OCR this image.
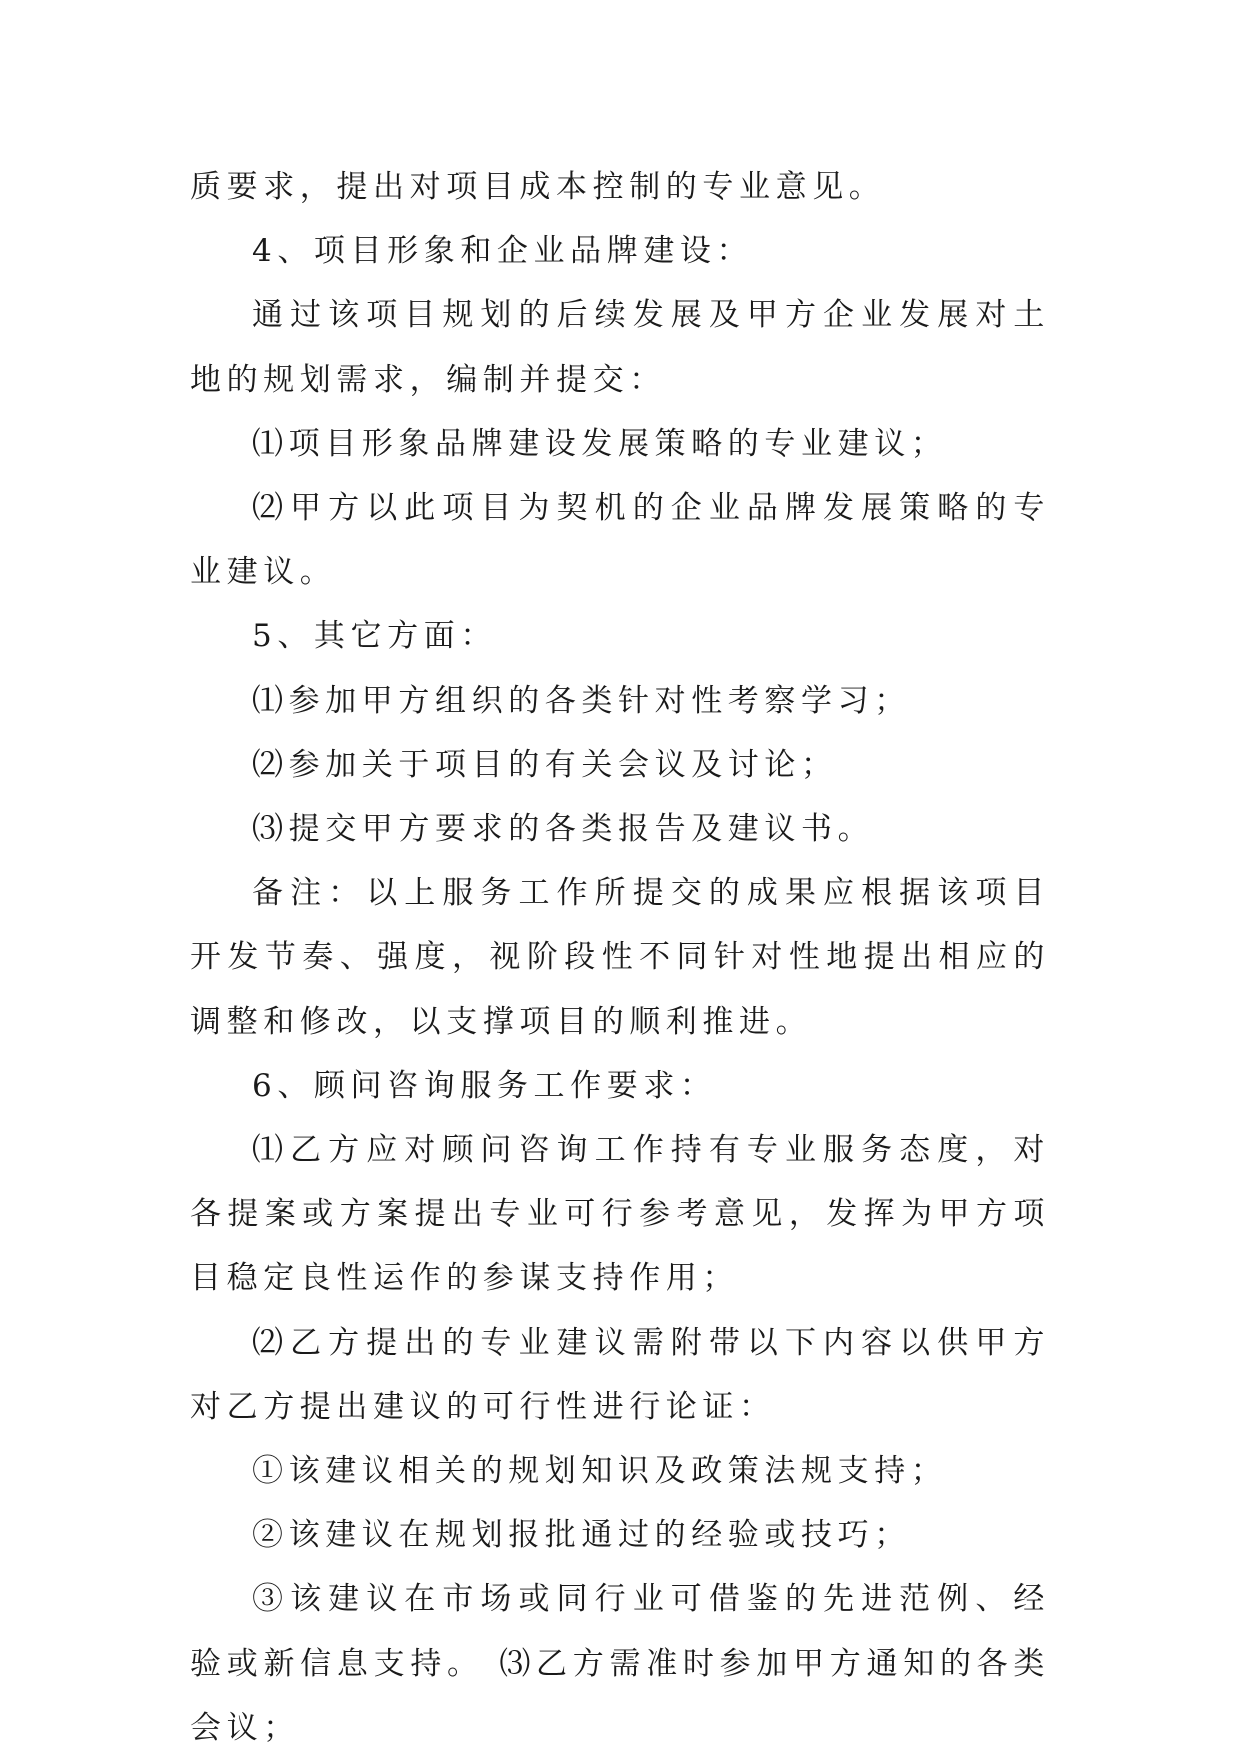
质要求，提出对项目成本控制的专业意见。

4、项目形象和企业品牌建设：

通过该项目规划的后续发展及甲方企业发展对土地的规划需求，编制并提交：

⑴项目形象品牌建设发展策略的专业建议；

⑵甲方以此项目为契机的企业品牌发展策略的专业建议。

5、其它方面：

⑴参加甲方组织的各类针对性考察学习；

⑵参加关于项目的有关会议及讨论；

⑶提交甲方要求的各类报告及建议书。

备注：以上服务工作所提交的成果应根据该项目开发节奏、强度，视阶段性不同针对性地提出相应的调整和修改，以支撑项目的顺利推进。

6、顾问咨询服务工作要求：

⑴乙方应对顾问咨询工作持有专业服务态度，对各提案或方案提出专业可行参考意见，发挥为甲方项目稳定良性运作的参谋支持作用；

⑵乙方提出的专业建议需附带以下内容以供甲方对乙方提出建议的可行性进行论证：

①该建议相关的规划知识及政策法规支持；

②该建议在规划报批通过的经验或技巧；

③该建议在市场或同行业可借鉴的先进范例、经验或新信息支持。 ⑶乙方需准时参加甲方通知的各类会议；
